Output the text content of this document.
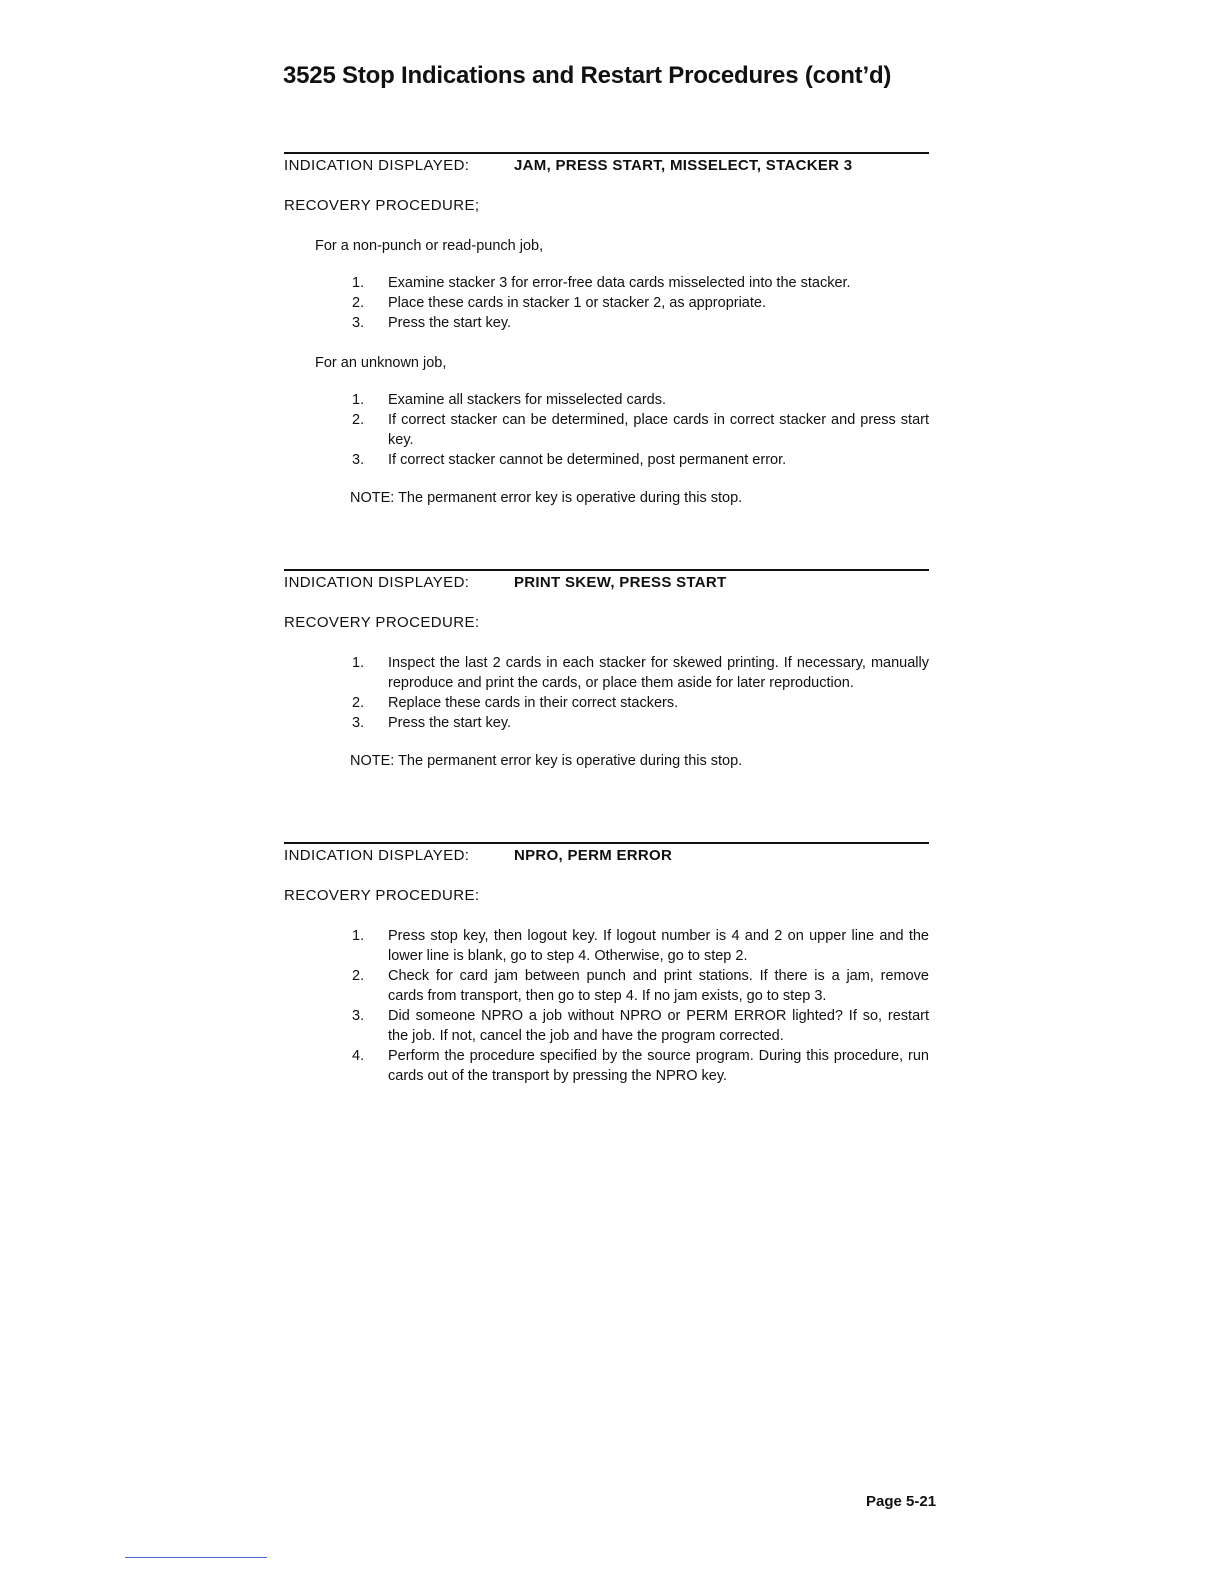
3525 Stop Indications and Restart Procedures (cont’d)
INDICATION DISPLAYED:	JAM, PRESS START, MISSELECT, STACKER 3
RECOVERY PROCEDURE;
For a non-punch or read-punch job,
1.	Examine stacker 3 for error-free data cards misselected into the stacker.
2.	Place these cards in stacker 1 or stacker 2, as appropriate.
3.	Press the start key.
For an unknown job,
1.	Examine all stackers for misselected cards.
2.	If correct stacker can be determined, place cards in correct stacker and press start key.
3.	If correct stacker cannot be determined, post permanent error.
NOTE: The permanent error key is operative during this stop.
INDICATION DISPLAYED:	PRINT SKEW, PRESS START
RECOVERY PROCEDURE:
1.	Inspect the last 2 cards in each stacker for skewed printing. If necessary, manually reproduce and print the cards, or place them aside for later reproduction.
2.	Replace these cards in their correct stackers.
3.	Press the start key.
NOTE: The permanent error key is operative during this stop.
INDICATION DISPLAYED:	NPRO, PERM ERROR
RECOVERY PROCEDURE:
1.	Press stop key, then logout key. If logout number is 4 and 2 on upper line and the lower line is blank, go to step 4. Otherwise, go to step 2.
2.	Check for card jam between punch and print stations. If there is a jam, remove cards from transport, then go to step 4. If no jam exists, go to step 3.
3.	Did someone NPRO a job without NPRO or PERM ERROR lighted? If so, restart the job. If not, cancel the job and have the program corrected.
4.	Perform the procedure specified by the source program. During this procedure, run cards out of the transport by pressing the NPRO key.
Page 5-21
